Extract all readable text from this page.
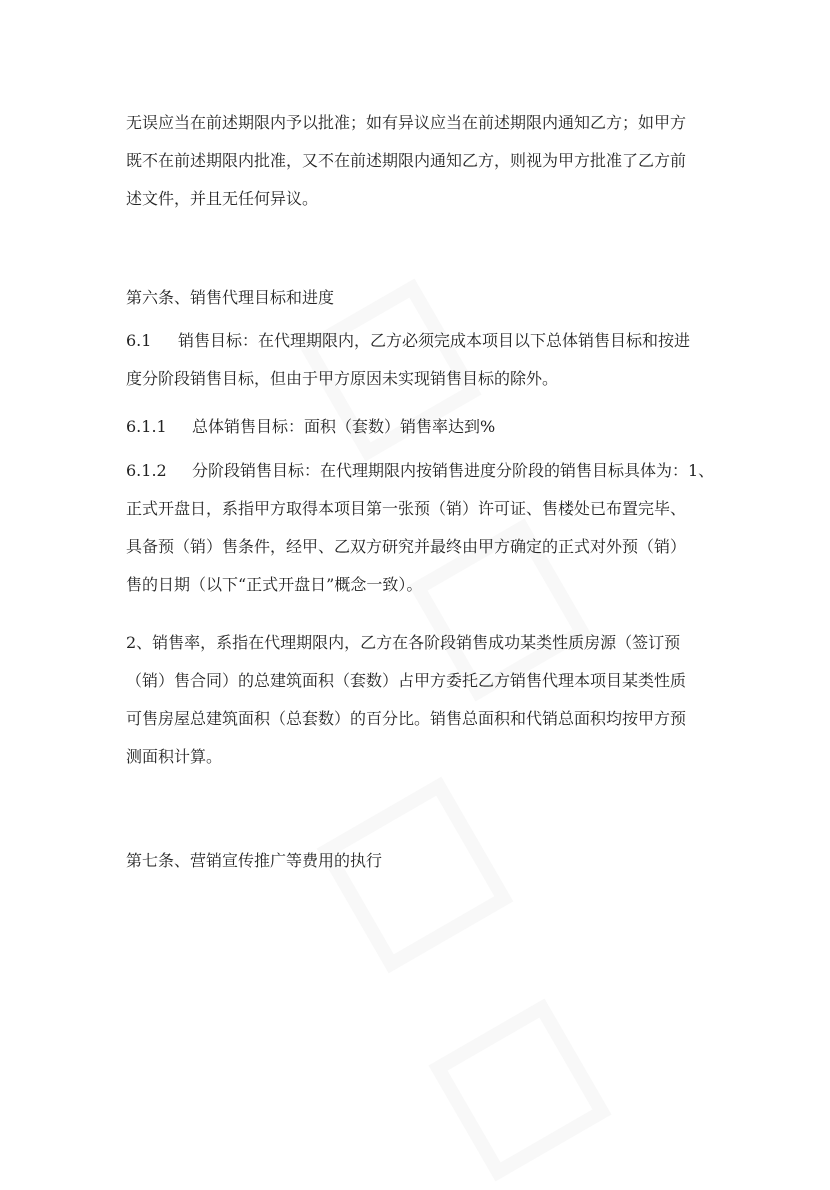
无误应当在前述期限内予以批准；如有异议应当在前述期限内通知乙方；如甲方
既不在前述期限内批准，又不在前述期限内通知乙方，则视为甲方批准了乙方前
述文件，并且无任何异议。

第六条、销售代理目标和进度

6.1 销售目标：在代理期限内，乙方必须完成本项目以下总体销售目标和按进
度分阶段销售目标，但由于甲方原因未实现销售目标的除外。
6.1.1 总体销售目标：面积（套数）销售率达到%
6.1.2 分阶段销售目标：在代理期限内按销售进度分阶段的销售目标具体为：1、
正式开盘日，系指甲方取得本项目第一张预（销）许可证、售楼处已布置完毕、
具备预（销）售条件，经甲、乙双方研究并最终由甲方确定的正式对外预（销）
售的日期（以下“正式开盘日”概念一致）。
2、销售率，系指在代理期限内，乙方在各阶段销售成功某类性质房源（签订预
（销）售合同）的总建筑面积（套数）占甲方委托乙方销售代理本项目某类性质
可售房屋总建筑面积（总套数）的百分比。销售总面积和代销总面积均按甲方预
测面积计算。

第七条、营销宣传推广等费用的执行
